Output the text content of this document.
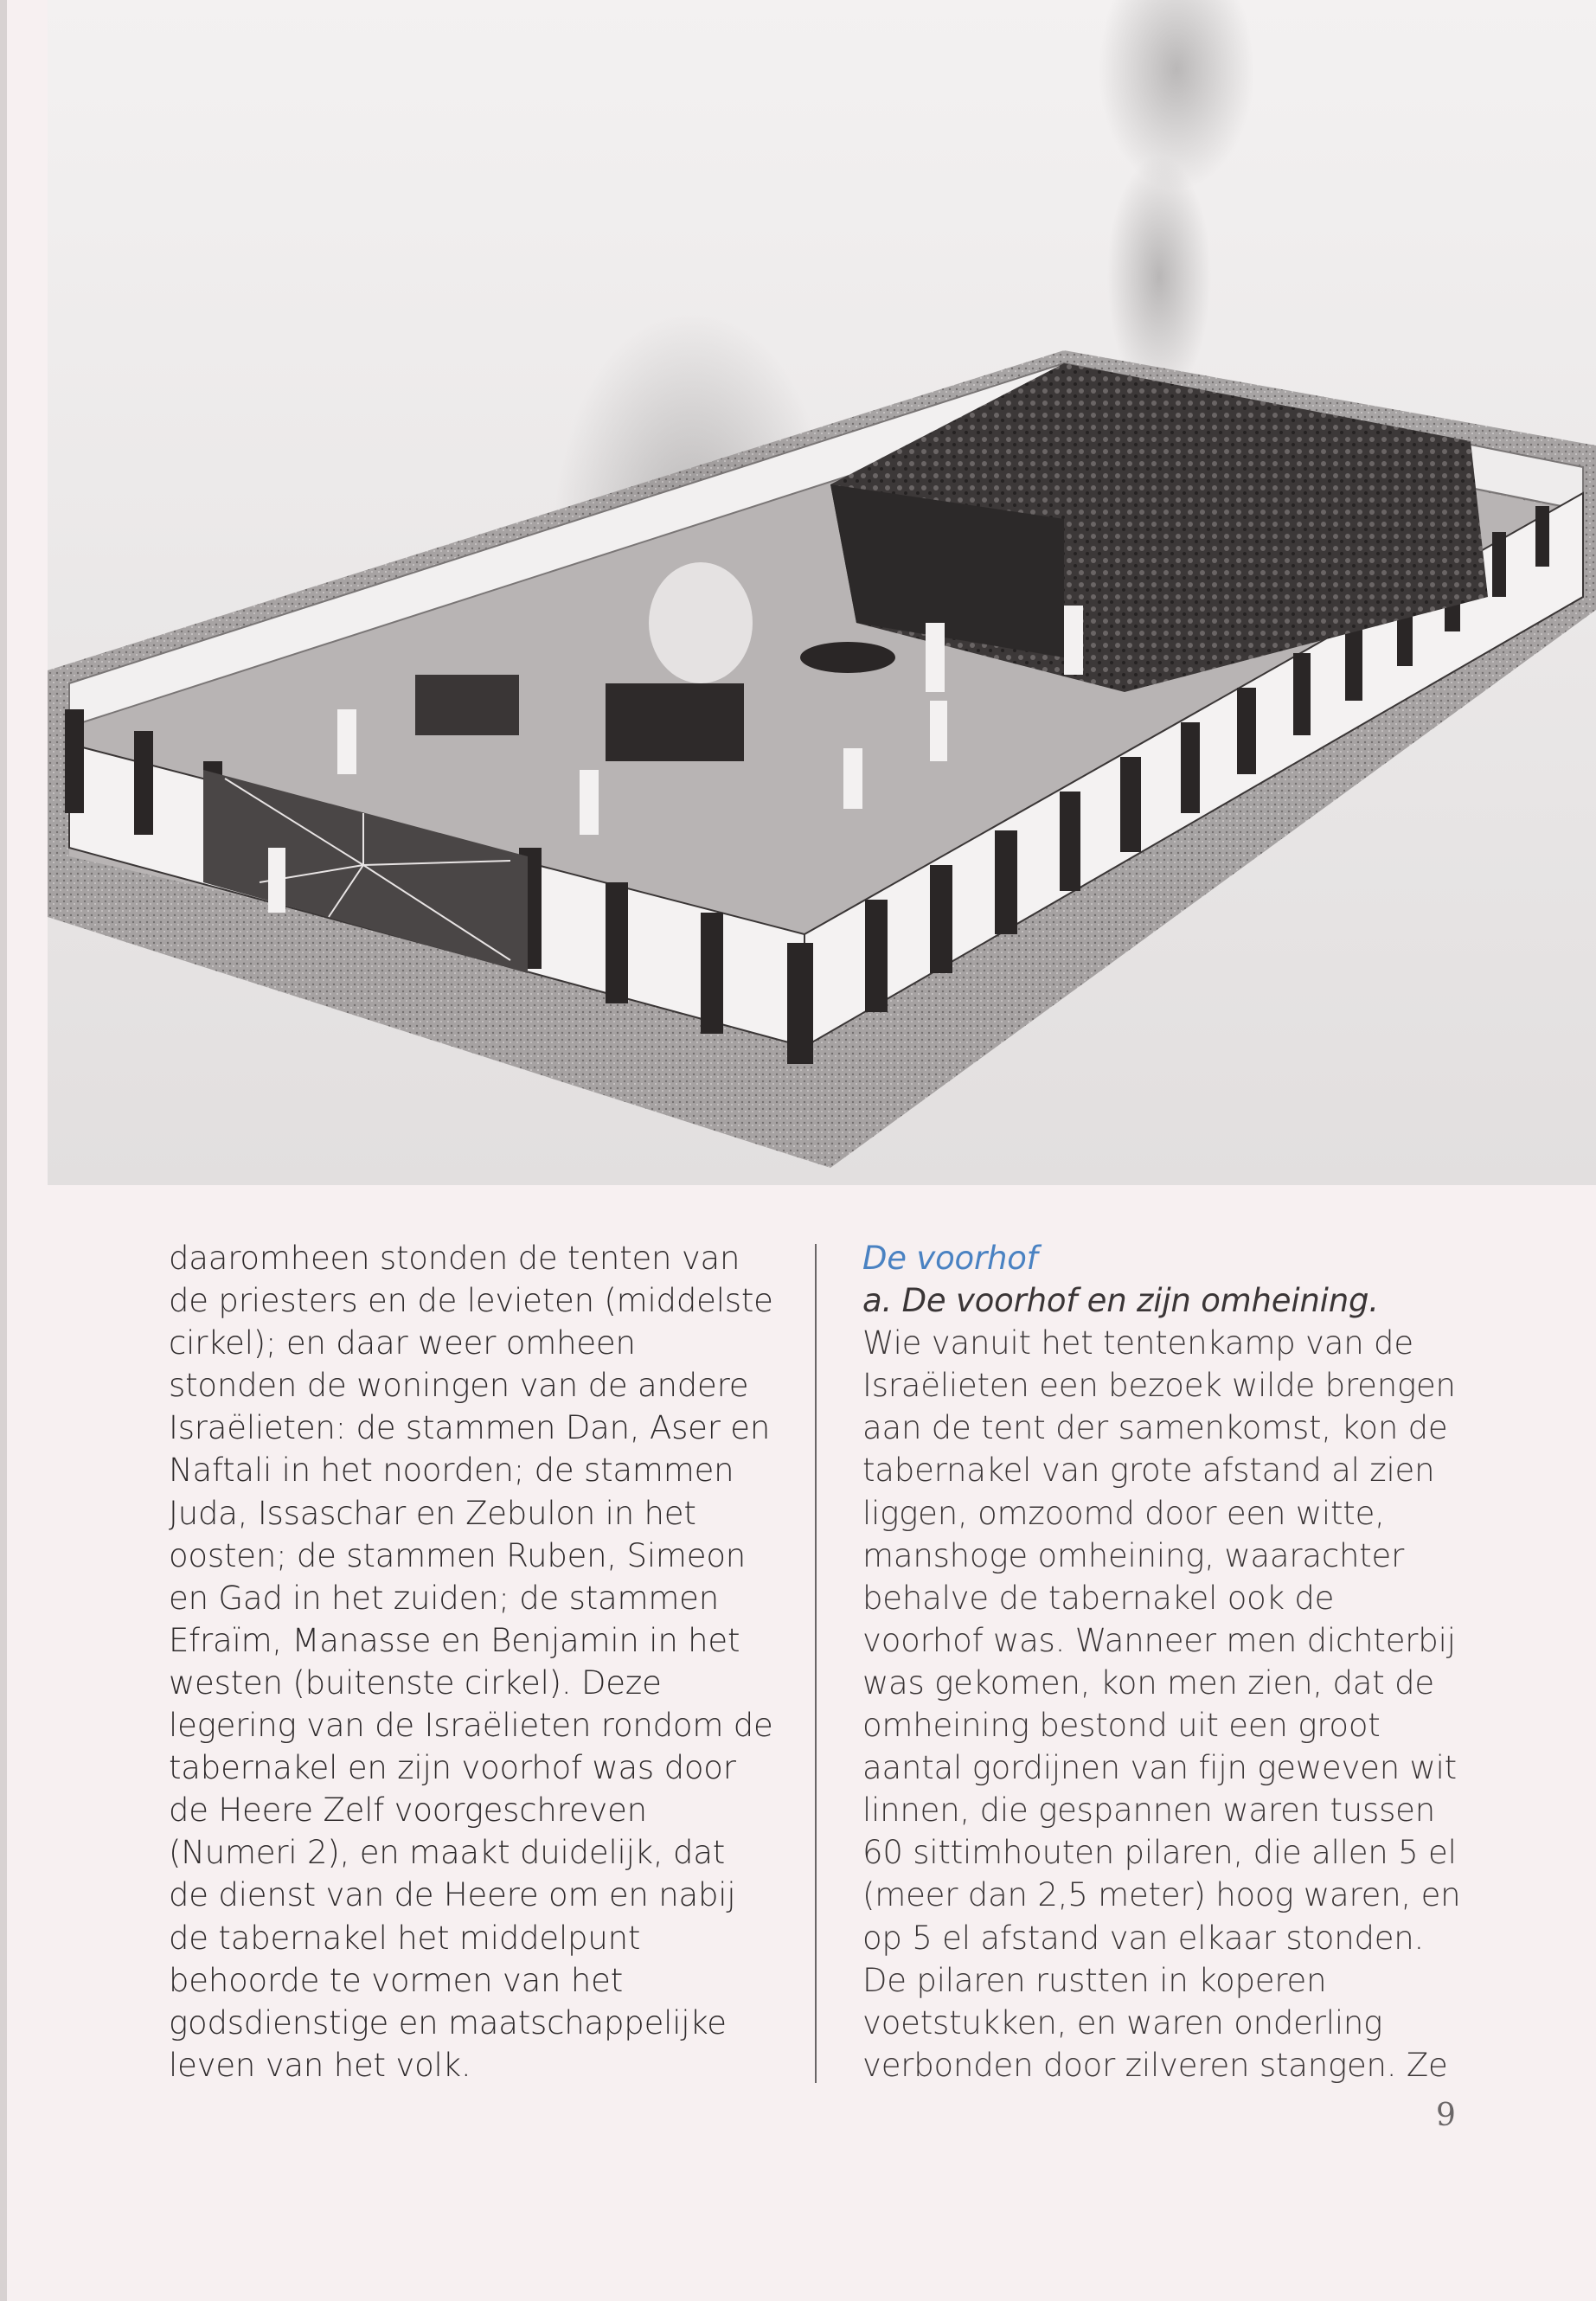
daaromheen stonden de tenten van
de priesters en de levieten (middelste
cirkel); en daar weer omheen
stonden de woningen van de andere
Israëlieten: de stammen Dan, Aser en
Naftali in het noorden; de stammen
Juda, Issaschar en Zebulon in het
oosten; de stammen Ruben, Simeon
en Gad in het zuiden; de stammen
Efraïm, Manasse en Benjamin in het
westen (buitenste cirkel). Deze
legering van de Israëlieten rondom de
tabernakel en zijn voorhof was door
de Heere Zelf voorgeschreven
(Numeri 2), en maakt duidelijk, dat
de dienst van de Heere om en nabij
de tabernakel het middelpunt
behoorde te vormen van het
godsdienstige en maatschappelijke
leven van het volk.
De voorhof
a. De voorhof en zijn omheining.
Wie vanuit het tentenkamp van de
Israëlieten een bezoek wilde brengen
aan de tent der samenkomst, kon de
tabernakel van grote afstand al zien
liggen, omzoomd door een witte,
manshoge omheining, waarachter
behalve de tabernakel ook de
voorhof was. Wanneer men dichterbij
was gekomen, kon men zien, dat de
omheining bestond uit een groot
aantal gordijnen van fijn geweven wit
linnen, die gespannen waren tussen
60 sittimhouten pilaren, die allen 5 el
(meer dan 2,5 meter) hoog waren, en
op 5 el afstand van elkaar stonden.
De pilaren rustten in koperen
voetstukken, en waren onderling
verbonden door zilveren stangen. Ze
9
